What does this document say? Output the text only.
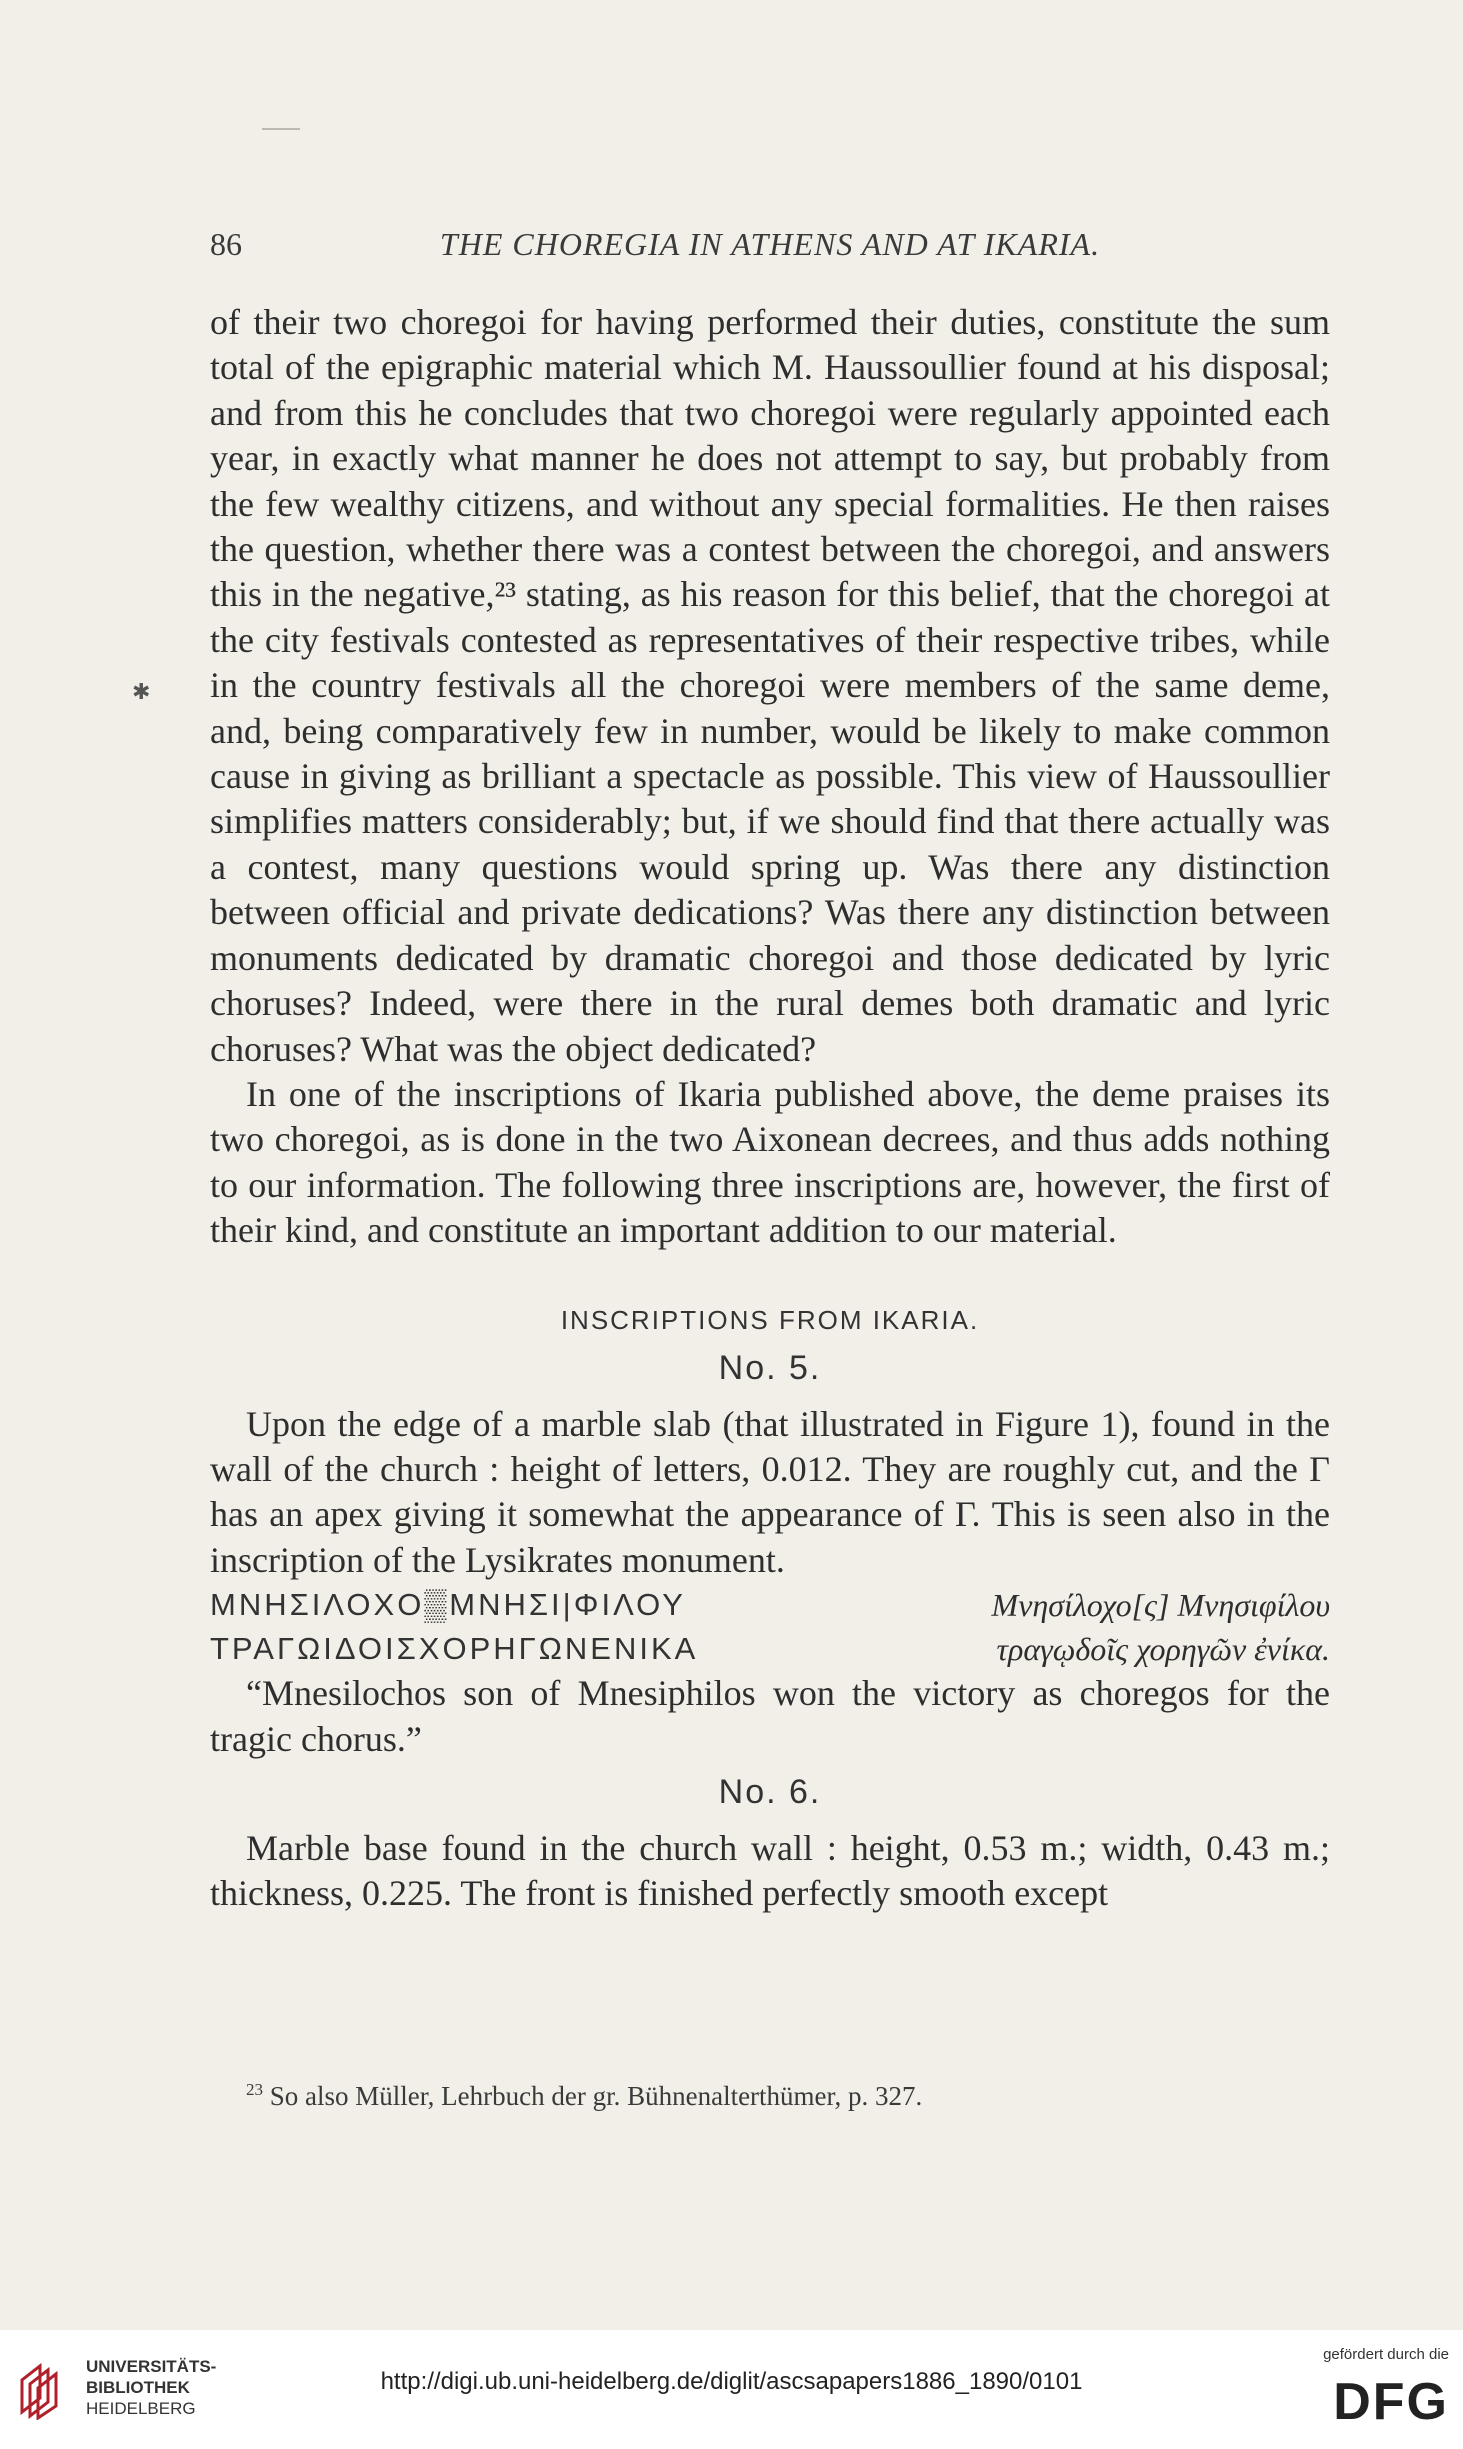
86	THE CHOREGIA IN ATHENS AND AT IKARIA.
✱

of their two choregoi for having performed their duties, constitute the sum total of the epigraphic material which M. Haussoullier found at his disposal; and from this he concludes that two choregoi were regularly appointed each year, in exactly what manner he does not attempt to say, but probably from the few wealthy citizens, and without any special formalities. He then raises the question, whether there was a contest between the choregoi, and answers this in the negative,²³ stating, as his reason for this belief, that the choregoi at the city festivals contested as representatives of their respective tribes, while in the country festivals all the choregoi were members of the same deme, and, being comparatively few in number, would be likely to make common cause in giving as brilliant a spectacle as possible. This view of Haussoullier simplifies matters considerably; but, if we should find that there actually was a contest, many questions would spring up. Was there any distinction between official and private dedications? Was there any distinction between monuments dedicated by dramatic choregoi and those dedicated by lyric choruses? Indeed, were there in the rural demes both dramatic and lyric choruses? What was the object dedicated?

In one of the inscriptions of Ikaria published above, the deme praises its two choregoi, as is done in the two Aixonean decrees, and thus adds nothing to our information. The following three inscriptions are, however, the first of their kind, and constitute an important addition to our material.

INSCRIPTIONS FROM IKARIA.
No. 5.

Upon the edge of a marble slab (that illustrated in Figure 1), found in the wall of the church : height of letters, 0.012. They are roughly cut, and the Γ has an apex giving it somewhat the appearance of Γ. This is seen also in the inscription of the Lysikrates monument.

ΜΝΗΣΙΛΟΧΟ▒ΜΝΗΣΙ|ΦΙΛΟΥ	Μνησίλοχο[ς] Μνησιφίλου
ΤΡΑΓΩΙΔΟΙΣΧΟΡΗΓΩΝΕΝΙΚΑ	τραγῳδοῖς χορηγῶν ἐνίκα.

“Mnesilochos son of Mnesiphilos won the victory as choregos for the tragic chorus.”

No. 6.

Marble base found in the church wall : height, 0.53 m.; width, 0.43 m.; thickness, 0.225. The front is finished perfectly smooth except

$^{23}$ So also Müller, Lehrbuch der gr. Bühnenalterthümer, p. 327.
UNIVERSITÄTS-
BIBLIOTHEK
HEIDELBERG
http://digi.ub.uni-heidelberg.de/diglit/ascsapapers1886_1890/0101
gefördert durch die
DFG
